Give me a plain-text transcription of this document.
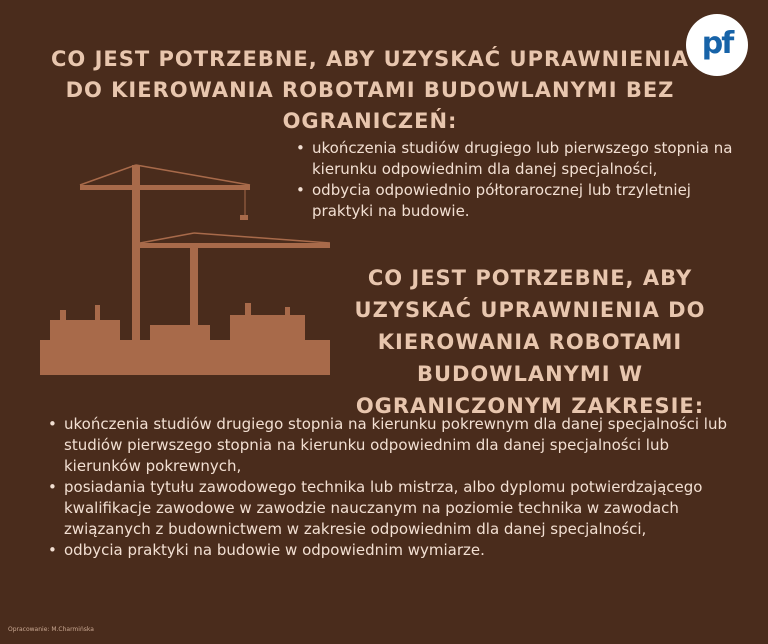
pf
CO JEST POTRZEBNE, ABY UZYSKAĆ UPRAWNIENIA DO KIEROWANIA ROBOTAMI BUDOWLANYMI BEZ OGRANICZEŃ:
• ukończenia studiów drugiego lub pierwszego stopnia na kierunku odpowiednim dla danej specjalności,
• odbycia odpowiednio półtorarocznej lub trzyletniej praktyki na budowie.
CO JEST POTRZEBNE, ABY UZYSKAĆ UPRAWNIENIA DO KIEROWANIA ROBOTAMI BUDOWLANYMI W OGRANICZONYM ZAKRESIE:
• ukończenia studiów drugiego stopnia na kierunku pokrewnym dla danej specjalności lub studiów pierwszego stopnia na kierunku odpowiednim dla danej specjalności lub kierunków pokrewnych,
• posiadania tytułu zawodowego technika lub mistrza, albo dyplomu potwierdzającego kwalifikacje zawodowe w zawodzie nauczanym na poziomie technika w zawodach związanych z budownictwem w zakresie odpowiednim dla danej specjalności,
• odbycia praktyki na budowie w odpowiednim wymiarze.
Opracowanie: M.Charmińska
